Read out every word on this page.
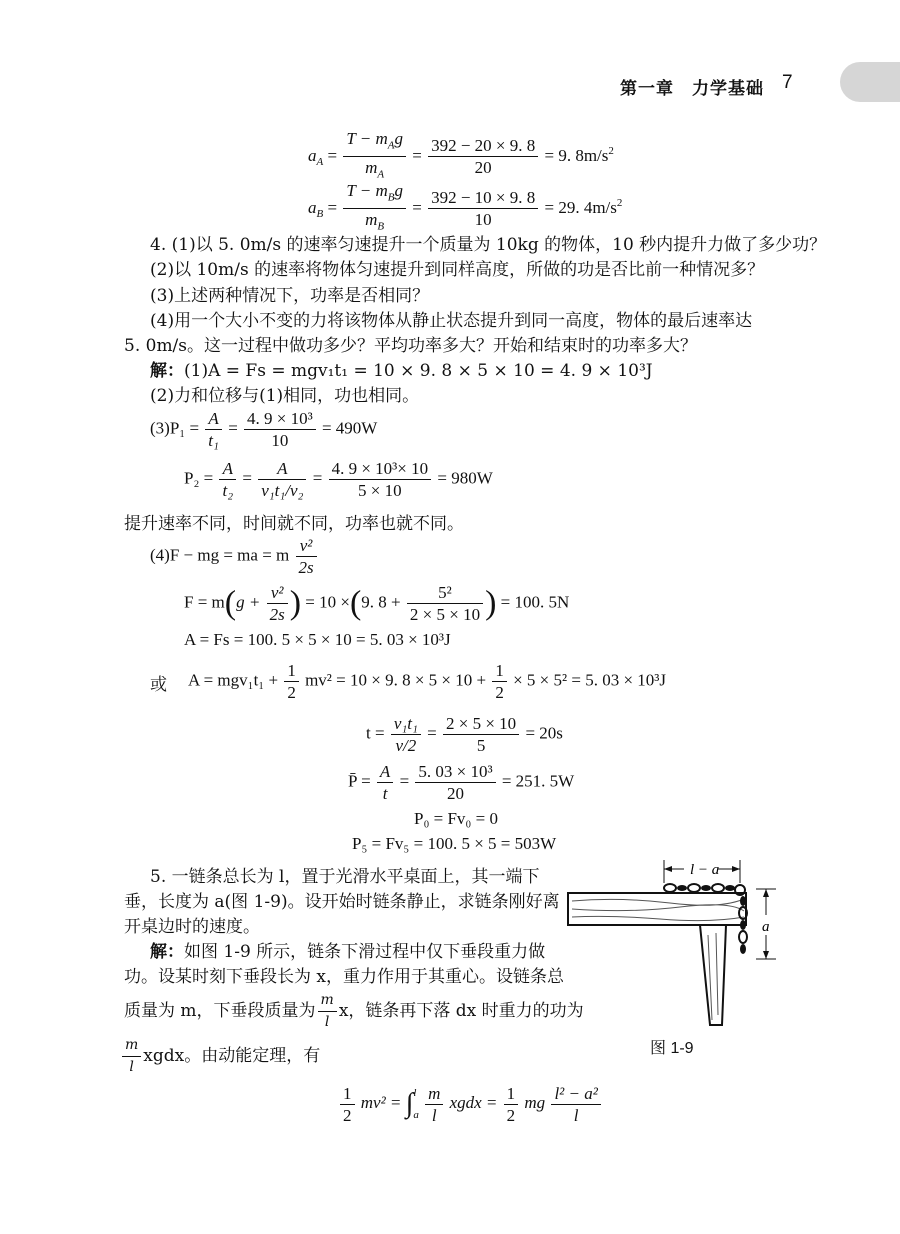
第一章　力学基础 7
$a_A$ =
$T - m_Ag$
$m_A$
= $\frac{392 - 20 \times 9. 8}{20} = 9$. $8m/s^2$
$a_B$ =
$T - m_Bg$
$m_B$
= $\frac{392 - 10 \times 9. 8}{10} = 29$. $4m/s^2$
4. (1)以 5. 0m/s 的速率匀速提升一个质量为 10kg 的物体，10 秒内提升力做了多少功？
(2)以 10m/s 的速率将物体匀速提升到同样高度，所做的功是否比前一种情况多？
(3)上述两种情况下，功率是否相同？
(4)用一个大小不变的力将该物体从静止状态提升到同一高度，物体的最后速率达
5. 0m/s。这一过程中做功多少？平均功率多大？开始和结束时的功率多大？
解：(1)A = Fs = mgv₁t₁ = 10 × 9. 8 × 5 × 10 = 4. 9 × 10³J
(2)力和位移与(1)相同，功也相同。
$(3)P_1 = \frac{A}{\text{t₁}} = \frac{\text{4. 9 × 10³}}{10} = 490W$
$P_2 = \frac{A}{\text{t₂}} = \frac{A}{\text{v₁t₁/v₂}} = \frac{\text{4. 9 × 10³× 10}}{5 \times 10} = 980W$
提升速率不同，时间就不同，功率也就不同。
(4)F − mg = ma = m $\frac{\text{v²}}{2s}$
$F = m(g + \frac{\text{v²}}{2s}$ ) = 10 ×(9. $8 + \frac{\text{5²}}{2 \times 5 \times 10}$ ) = 100. 5N
A = Fs = 100. 5 × 5 × 10 = 5. 03 × 10³J
或 $A = mgv_1t_1 + \frac{1}{2} mv^2 = 10 \times 9$. $8 \times 5 \times 10 + \frac{1}{2} \times 5 \times 5^2 = 5$. 03 × 10³J
$t = \frac{\text{v₁t₁}}{v/2} = \frac{2 \times 5 \times 10}{5} = 20s$
P̄ = $\frac{A}{t} = \frac{\text{5. 03 × 10³}}{20} = 251$. 5W
P₀ = Fv₀ = 0
P₅ = Fv₅ = 100. 5 × 5 = 503W
5. 一链条总长为 l，置于光滑水平桌面上，其一端下
垂，长度为 a(图 1-9)。设开始时链条静止，求链条刚好离
开桌边时的速度。
解：如图 1-9 所示，链条下滑过程中仅下垂段重力做
功。设某时刻下垂段长为 x，重力作用于其重心。设链条总
质量为 m，下垂段质量为 $\frac{m}{l}$ x，链条再下落 dx 时重力的功为
$\frac{m}{l}$ xgdx。由动能定理，有
$\frac{1}{2} mv^2$ = ∫ l
a
$\frac{m}{l}$ xgdx = $\frac{1}{2}$ mg $\frac{\text{l² − a²}}{l}$
l − a
a
图 1-9
